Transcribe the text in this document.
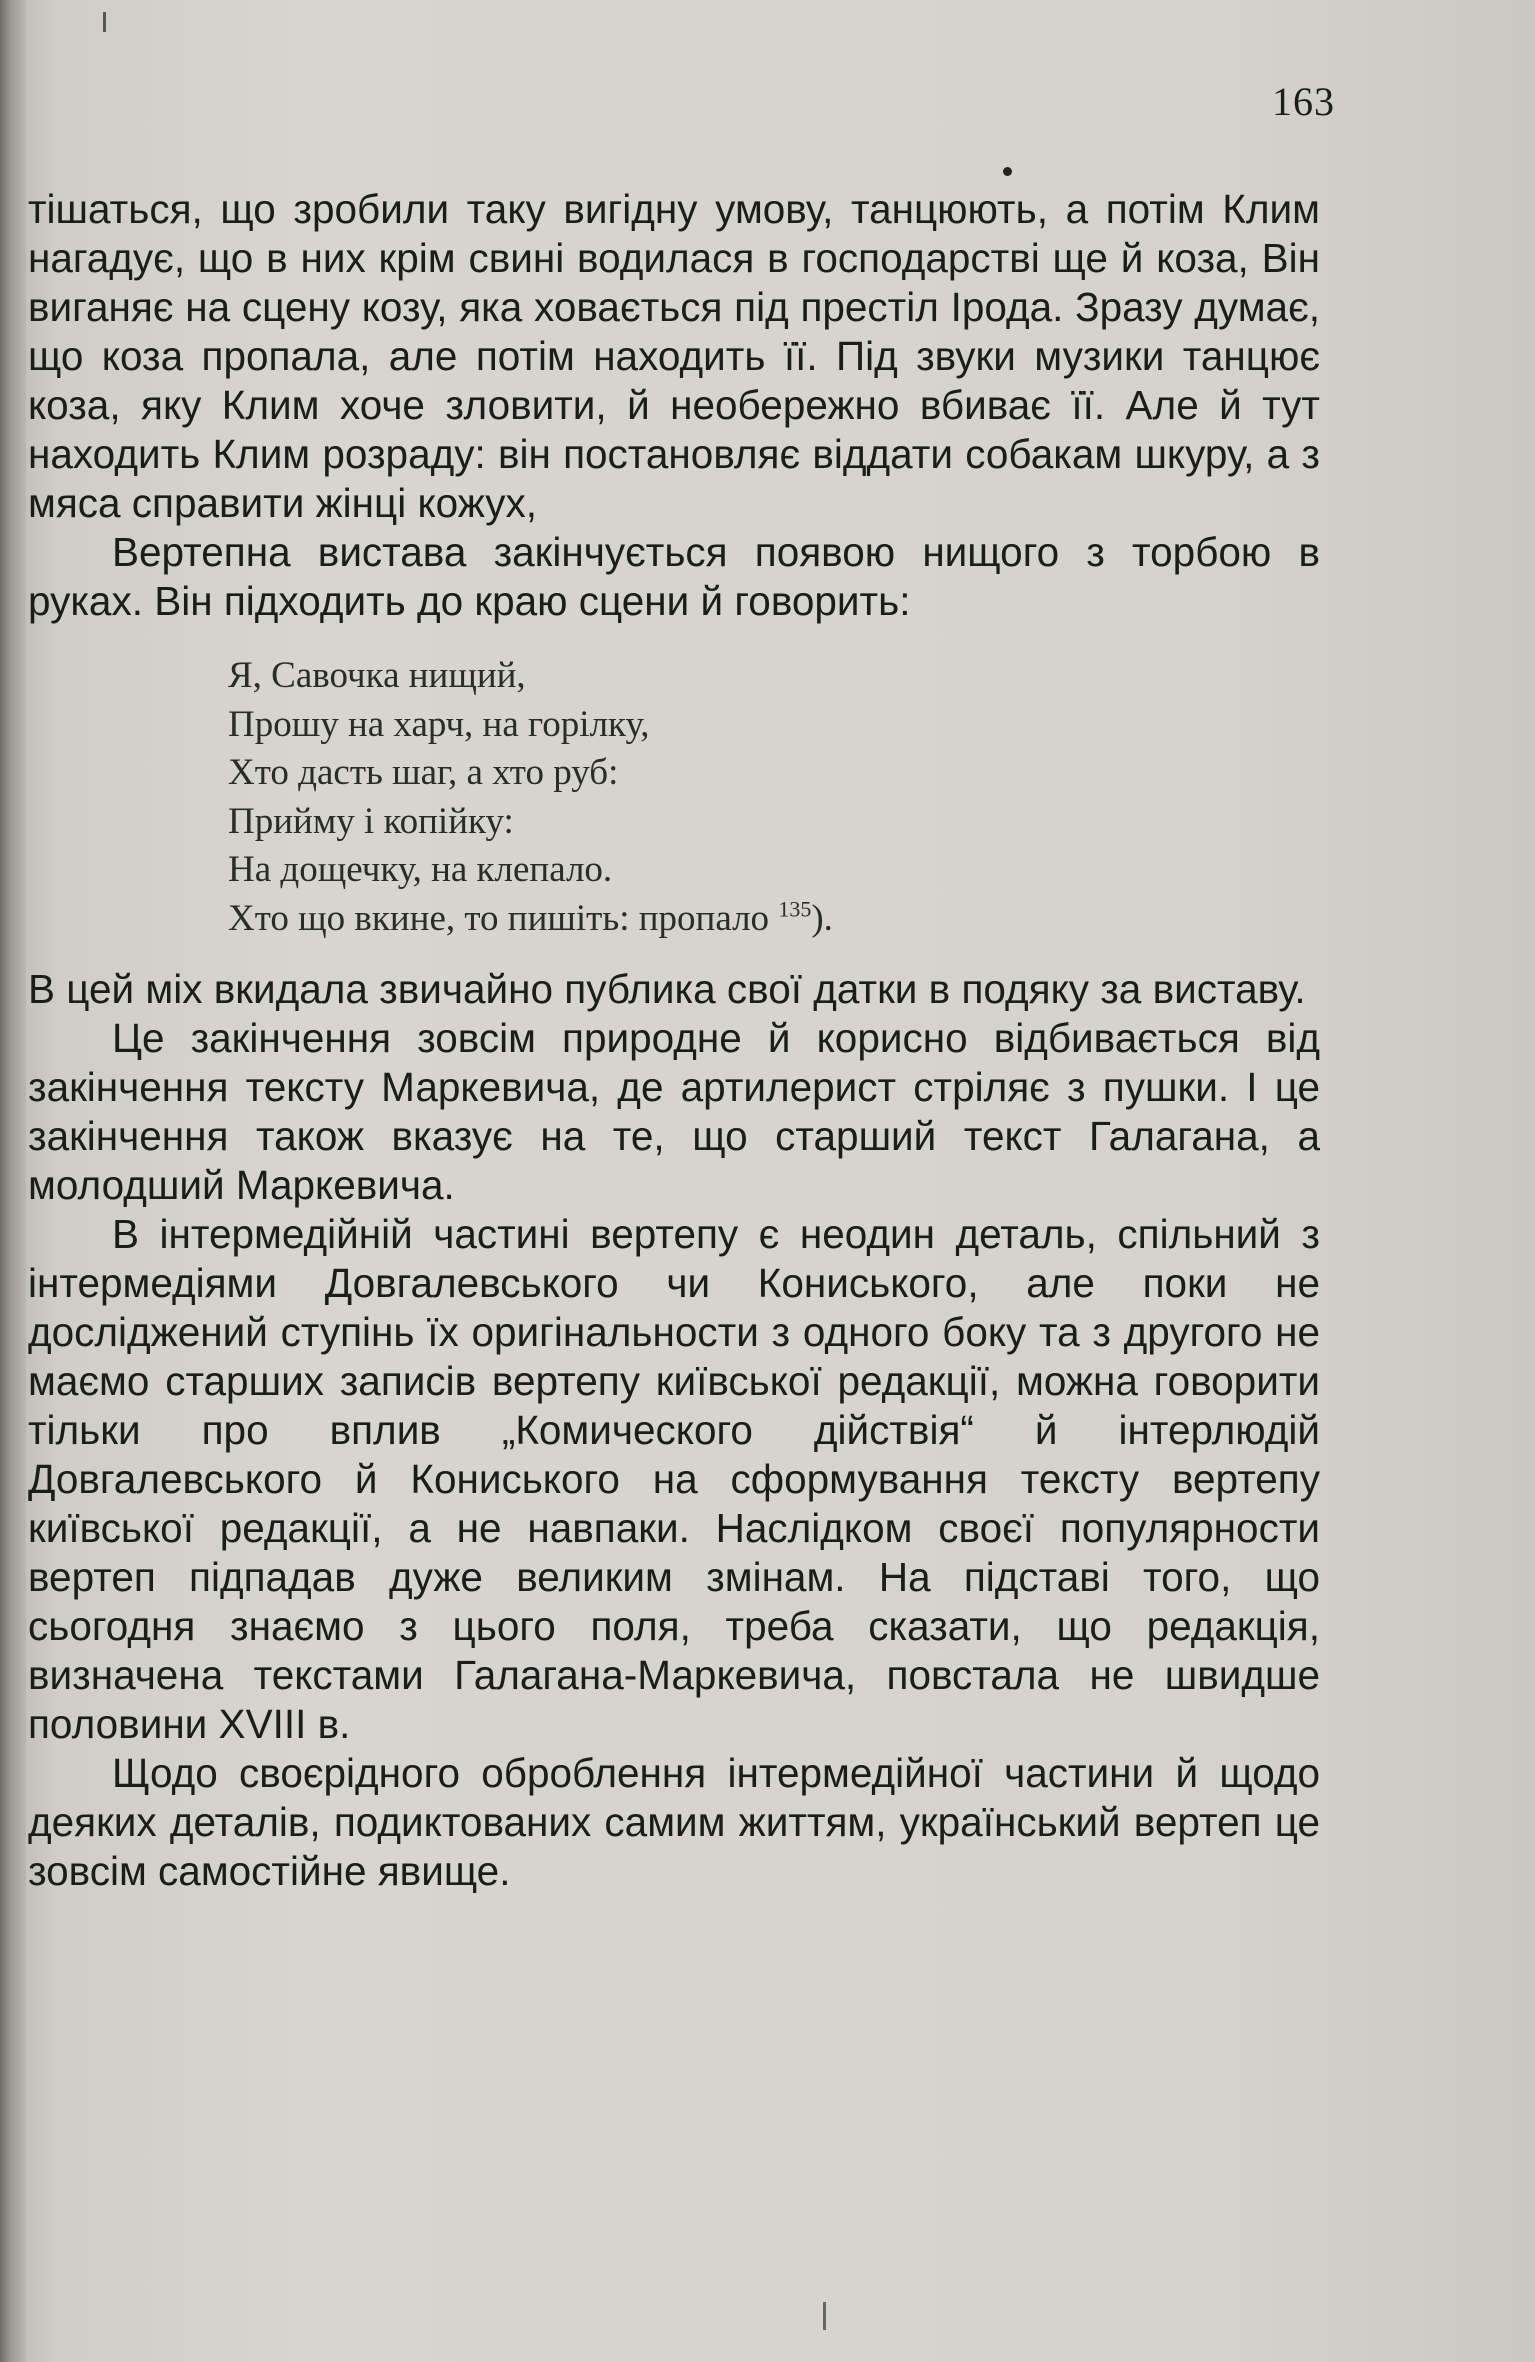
163

тішаться, що зробили таку вигідну умову, танцюють, а потім Клим нагадує, що в них крім свині водилася в господарстві ще й коза, Він виганяє на сцену козу, яка ховається під престіл Ірода. Зразу думає, що коза пропала, але потім находить її. Під звуки музики танцює коза, яку Клим хоче зловити, й необережно вбиває її. Але й тут находить Клим розраду: він постановляє віддати собакам шкуру, а з мяса справити жінці кожух,

Вертепна вистава закінчується появою нищого з торбою в руках. Він підходить до краю сцени й говорить:

Я, Савочка нищий,
Прошу на харч, на горілку,
Хто дасть шаг, а хто руб:
Прийму і копійку:
На дощечку, на клепало.
Хто що вкине, то пишіть: пропало $^{135}$).

В цей міх вкидала звичайно публика свої датки в подяку за виставу.

Це закінчення зовсім природне й корисно відбивається від закінчення тексту Маркевича, де артилерист стріляє з пушки. І це закінчення також вказує на те, що старший текст Галагана, а молодший Маркевича.

В інтермедійній частині вертепу є неодин деталь, спільний з інтермедіями Довгалевського чи Кониського, але поки не досліджений ступінь їх оригінальности з одного боку та з другого не маємо старших записів вертепу київської редакції, можна говорити тільки про вплив „Комического дійствія“ й інтерлюдій Довгалевського й Кониського на сформування тексту вертепу київської редакції, а не навпаки. Наслідком своєї популярности вертеп підпадав дуже великим змінам. На підставі того, що сьогодня знаємо з цього поля, треба сказати, що редакція, визначена текстами Галагана-Маркевича, повстала не швидше половини XVIII в.

Щодо своєрідного оброблення інтермедійної частини й щодо деяких деталів, подиктованих самим життям, український вертеп це зовсім самостійне явище.
